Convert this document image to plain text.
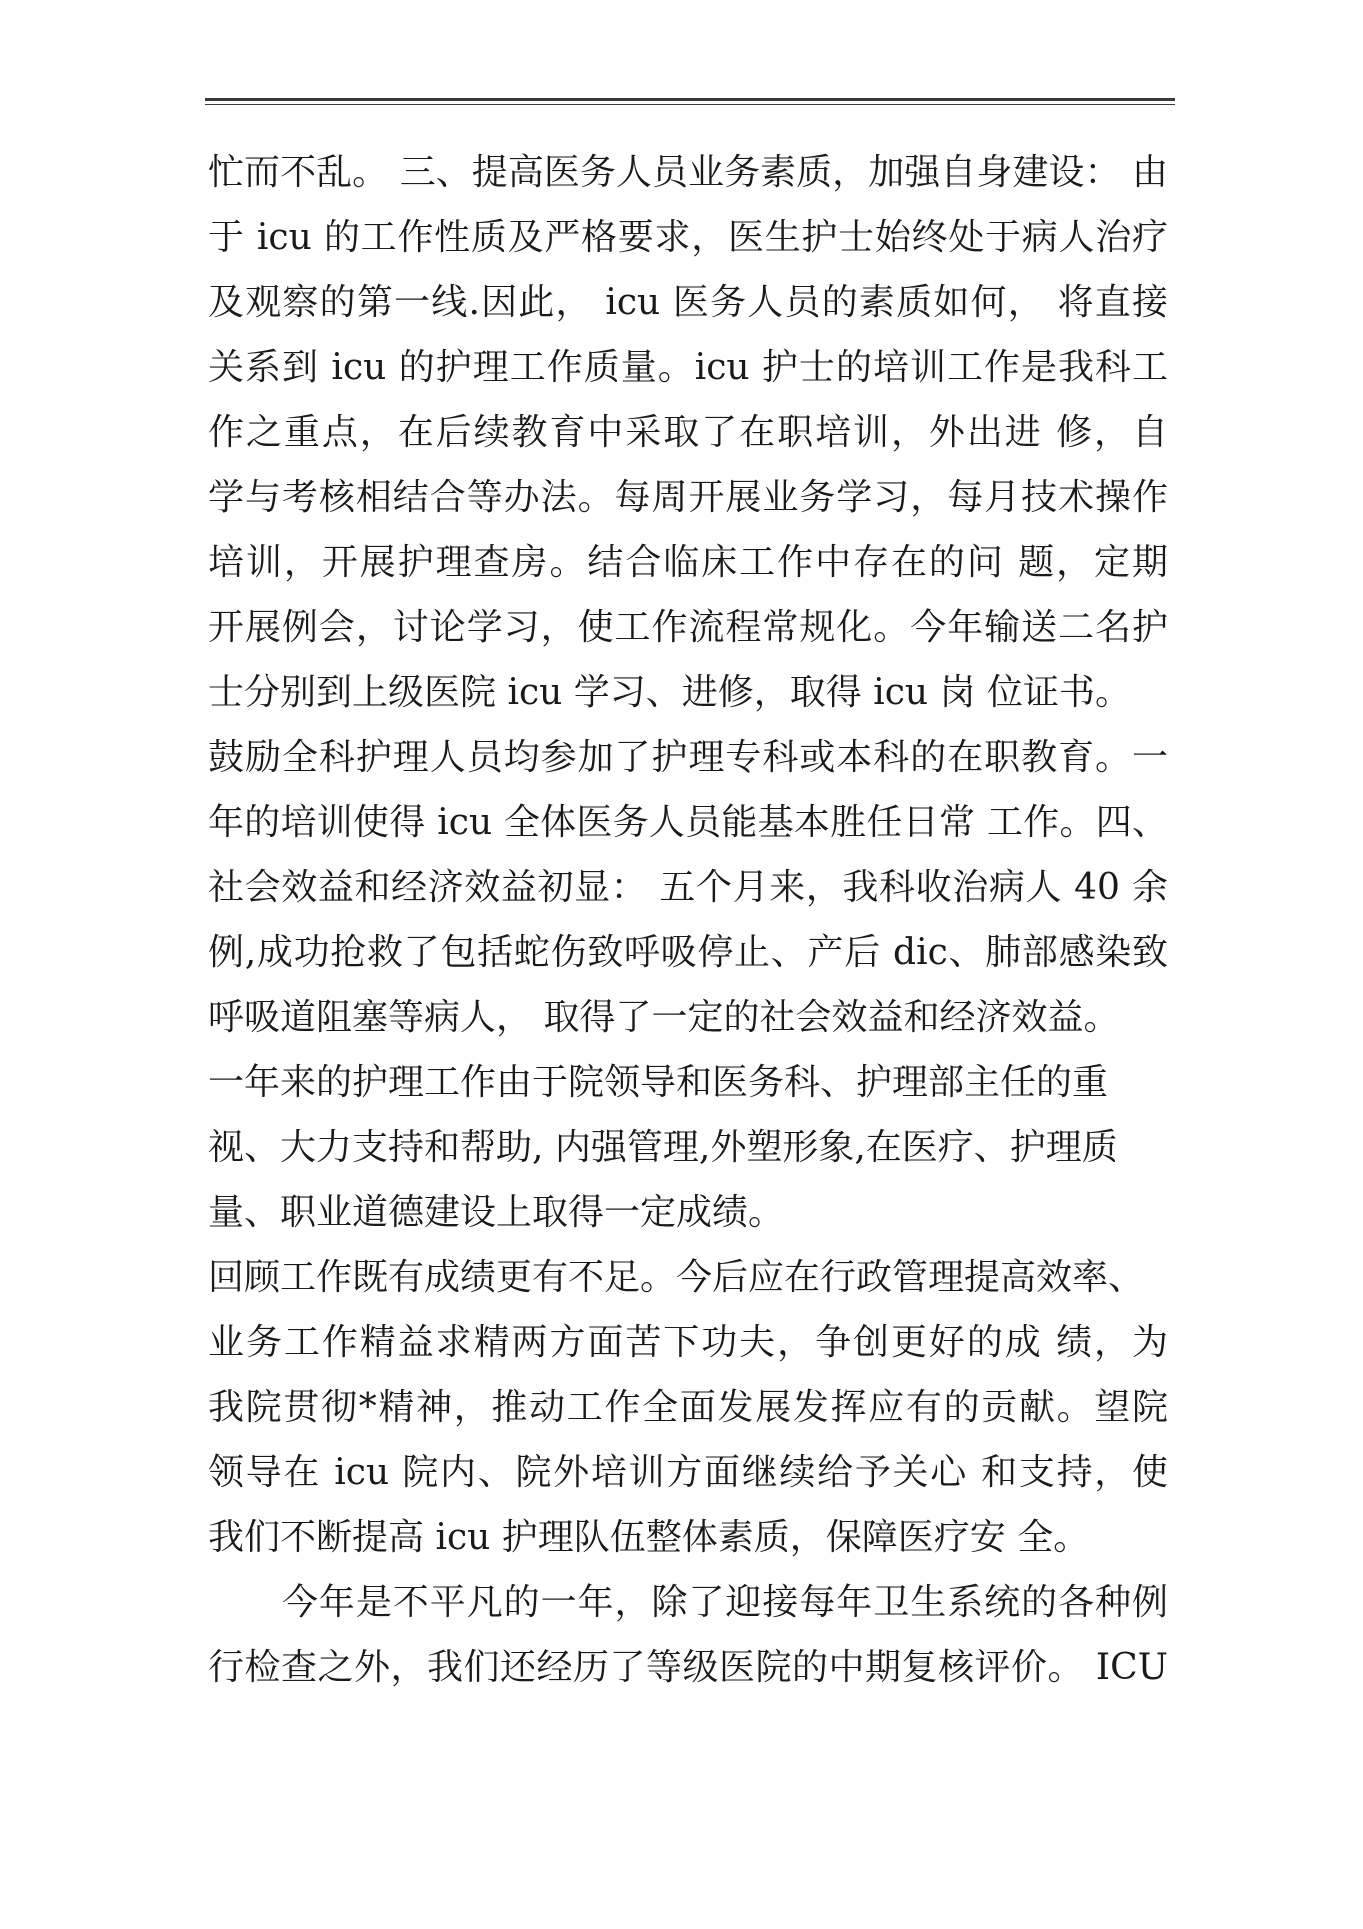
忙而不乱。 三、提高医务人员业务素质，加强自身建设： 由
于 icu 的工作性质及严格要求，医生护士始终处于病人治疗
及观察的第一线.因此， icu 医务人员的素质如何， 将直接
关系到 icu 的护理工作质量。icu 护士的培训工作是我科工
作之重点，在后续教育中采取了在职培训，外出进 修，自
学与考核相结合等办法。每周开展业务学习，每月技术操作
培训，开展护理查房。结合临床工作中存在的问 题，定期
开展例会，讨论学习，使工作流程常规化。今年输送二名护
士分别到上级医院 icu 学习、进修，取得 icu 岗 位证书。
鼓励全科护理人员均参加了护理专科或本科的在职教育。一
年的培训使得 icu 全体医务人员能基本胜任日常 工作。四、
社会效益和经济效益初显： 五个月来，我科收治病人 40 余
例,成功抢救了包括蛇伤致呼吸停止、产后 dic、肺部感染致
呼吸道阻塞等病人， 取得了一定的社会效益和经济效益。
一年来的护理工作由于院领导和医务科、护理部主任的重
视、大力支持和帮助, 内强管理,外塑形象,在医疗、护理质
量、职业道德建设上取得一定成绩。
回顾工作既有成绩更有不足。今后应在行政管理提高效率、
业务工作精益求精两方面苦下功夫，争创更好的成 绩，为
我院贯彻*精神，推动工作全面发展发挥应有的贡献。望院
领导在 icu 院内、院外培训方面继续给予关心 和支持，使
我们不断提高 icu 护理队伍整体素质，保障医疗安 全。
　　今年是不平凡的一年，除了迎接每年卫生系统的各种例
行检查之外，我们还经历了等级医院的中期复核评价。 ICU
